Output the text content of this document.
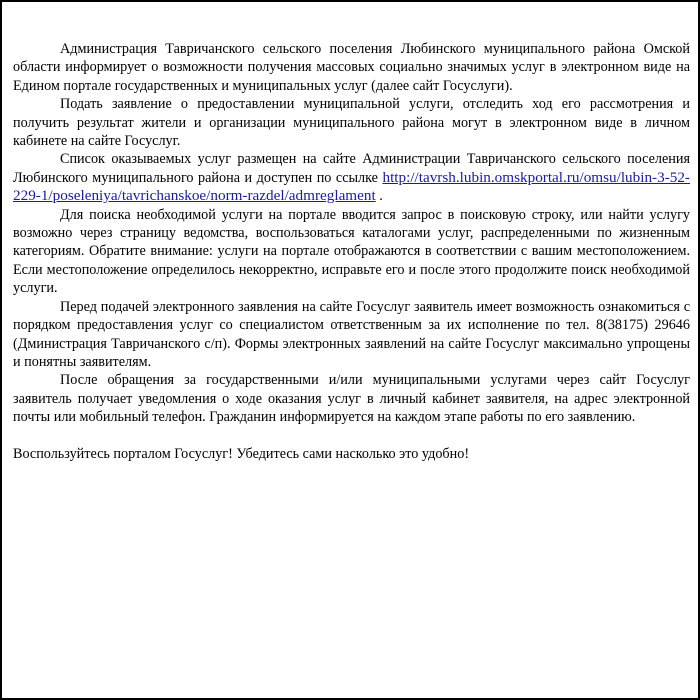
Администрация Тавричанского сельского поселения Любинского муниципального района Омской области информирует о возможности получения массовых социально значимых услуг в электронном виде на Едином портале государственных и муниципальных услуг (далее сайт Госуслуги).

Подать заявление о предоставлении муниципальной услуги, отследить ход его рассмотрения и получить результат жители и организации муниципального района могут в электронном виде в личном кабинете на сайте Госуслуг.

Список оказываемых услуг размещен на сайте Администрации Тавричанского сельского поселения Любинского муниципального района и доступен по ссылке http://tavrsh.lubin.omskportal.ru/omsu/lubin-3-52-229-1/poseleniya/tavrichanskoe/norm-razdel/admreglament .

Для поиска необходимой услуги на портале вводится запрос в поисковую строку, или найти услугу возможно через страницу ведомства, воспользоваться каталогами услуг, распределенными по жизненным категориям. Обратите внимание: услуги на портале отображаются в соответствии с вашим местоположением. Если местоположение определилось некорректно, исправьте его и после этого продолжите поиск необходимой услуги.

Перед подачей электронного заявления на сайте Госуслуг заявитель имеет возможность ознакомиться с порядком предоставления услуг со специалистом ответственным за их исполнение по тел. 8(38175) 29646 (Дминистрация Тавричанского с/п). Формы электронных заявлений на сайте Госуслуг максимально упрощены и понятны заявителям.

После обращения за государственными и/или муниципальными услугами через сайт Госуслуг заявитель получает уведомления о ходе оказания услуг в личный кабинет заявителя, на адрес электронной почты или мобильный телефон. Гражданин информируется на каждом этапе работы по его заявлению.

Воспользуйтесь порталом Госуслуг! Убедитесь сами насколько это удобно!
